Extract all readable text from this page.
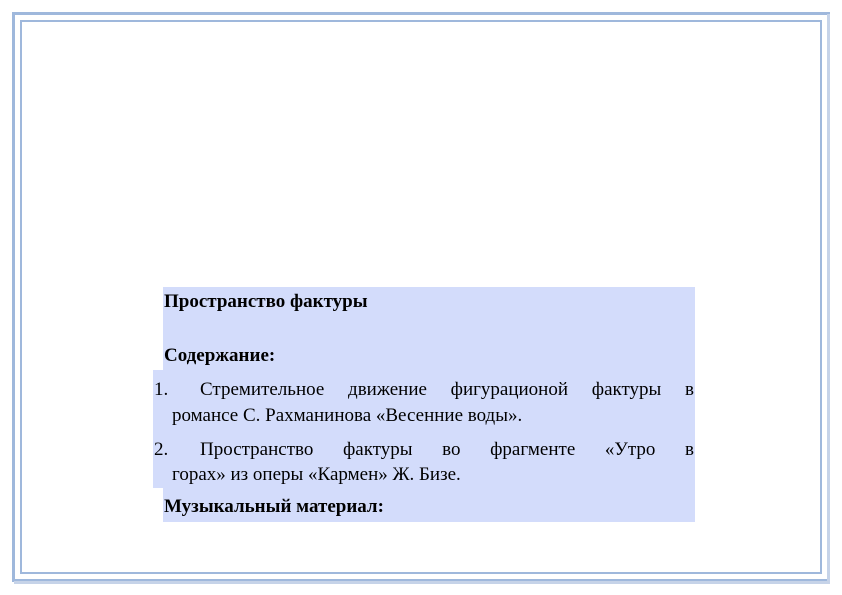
Пространство фактуры
Содержание:
1. Стремительное движение фигурационой фактуры в
романсе С. Рахманинова «Весенние воды».
2. Пространство фактуры во фрагменте «Утро в
горах» из оперы «Кармен» Ж. Бизе.
Музыкальный материал:
